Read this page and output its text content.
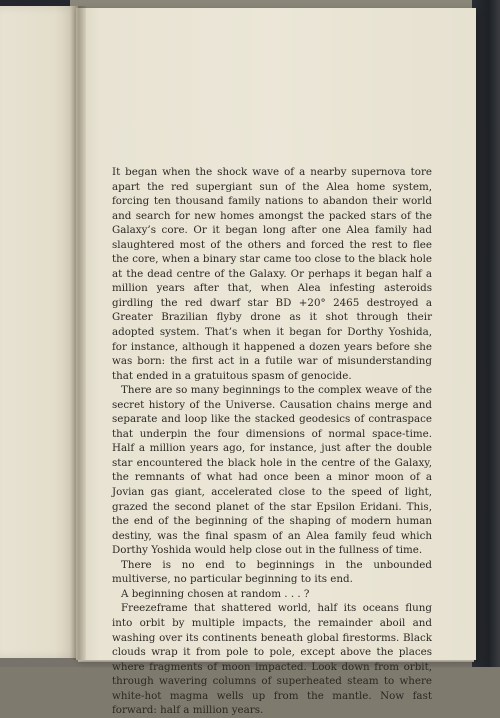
It began when the shock wave of a nearby supernova tore apart the red supergiant sun of the Alea home system, forcing ten thousand family nations to abandon their world and search for new homes amongst the packed stars of the Galaxy’s core. Or it began long after one Alea family had slaughtered most of the others and forced the rest to flee the core, when a binary star came too close to the black hole at the dead centre of the Galaxy. Or perhaps it began half a million years after that, when Alea infesting asteroids girdling the red dwarf star BD +20° 2465 destroyed a Greater Brazilian flyby drone as it shot through their adopted system. That’s when it began for Dorthy Yoshida, for instance, although it happened a dozen years before she was born: the first act in a futile war of misunderstanding that ended in a gratuitous spasm of genocide.

There are so many beginnings to the complex weave of the secret history of the Universe. Causation chains merge and separate and loop like the stacked geodesics of contraspace that underpin the four dimensions of normal space-time. Half a million years ago, for instance, just after the double star encountered the black hole in the centre of the Galaxy, the remnants of what had once been a minor moon of a Jovian gas giant, accelerated close to the speed of light, grazed the second planet of the star Epsilon Eridani. This, the end of the beginning of the shaping of modern human destiny, was the final spasm of an Alea family feud which Dorthy Yoshida would help close out in the fullness of time.

There is no end to beginnings in the unbounded multiverse, no particular beginning to its end.

A beginning chosen at random . . . ?

Freezeframe that shattered world, half its oceans flung into orbit by multiple impacts, the remainder aboil and washing over its continents beneath global firestorms. Black clouds wrap it from pole to pole, except above the places where fragments of moon impacted. Look down from orbit, through wavering columns of superheated steam to where white-hot magma wells up from the mantle. Now fast forward: half a million years.
